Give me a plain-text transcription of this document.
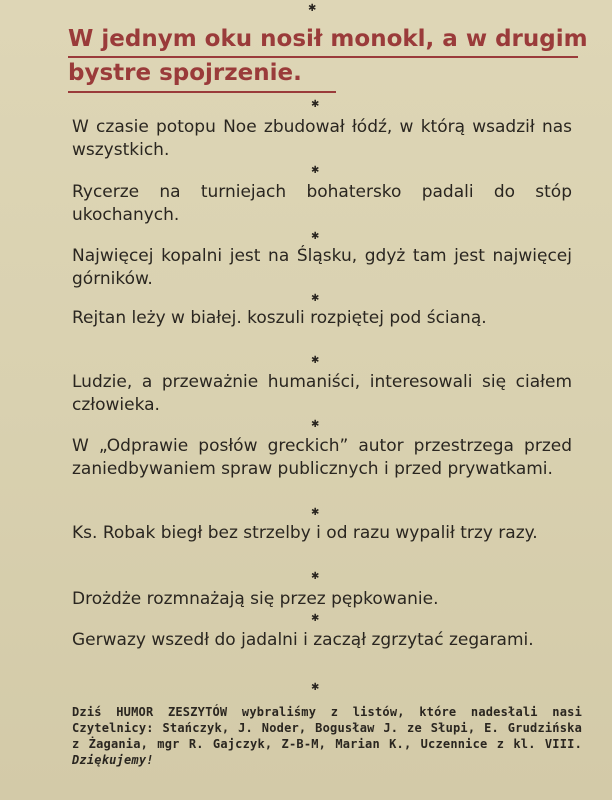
✱
W jednym oku nosił monokl, a w drugim bystre spojrzenie.
✱
W czasie potopu Noe zbudował łódź, w którą wsadził nas wszystkich.
✱
Rycerze na turniejach bohatersko padali do stóp ukochanych.
✱
Najwięcej kopalni jest na Śląsku, gdyż tam jest najwięcej górników.
✱
Rejtan leży w białej. koszuli rozpiętej pod ścianą.
✱
Ludzie, a przeważnie humaniści, interesowali się ciałem człowieka.
✱
W „Odprawie posłów greckich” autor przestrzega przed zaniedbywaniem spraw publicznych i przed prywatkami.
✱
Ks. Robak biegł bez strzelby i od razu wypalił trzy razy.
✱
Drożdże rozmnażają się przez pępkowanie.
✱
Gerwazy wszedł do jadalni i zaczął zgrzytać zegarami.
✱
Dziś HUMOR ZESZYTÓW wybraliśmy z listów, które nadesłali nasi Czytelnicy: Stańczyk, J. Noder, Bogusław J. ze Słupi, E. Grudzińska z Żagania, mgr R. Gajczyk, Z-B-M, Marian K., Uczennice z kl. VIII. Dziękujemy!
